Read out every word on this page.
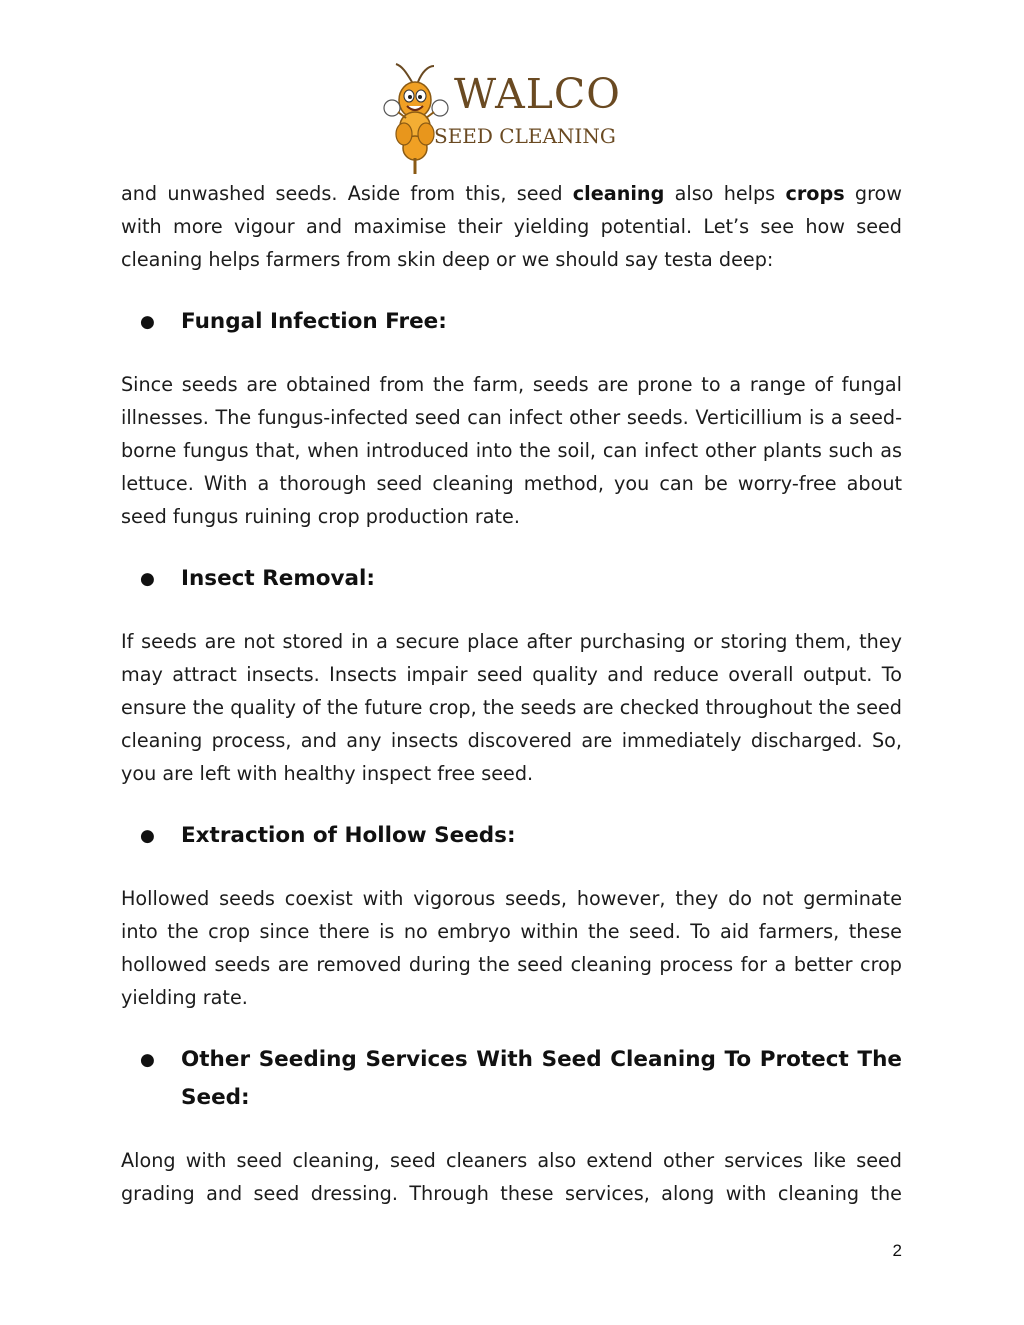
WALCO
SEED CLEANING

and unwashed seeds. Aside from this, seed cleaning also helps crops grow with more vigour and maximise their yielding potential. Let’s see how seed cleaning helps farmers from skin deep or we should say testa deep:

● Fungal Infection Free:

Since seeds are obtained from the farm, seeds are prone to a range of fungal illnesses. The fungus-infected seed can infect other seeds. Verticillium is a seed-borne fungus that, when introduced into the soil, can infect other plants such as lettuce. With a thorough seed cleaning method, you can be worry-free about seed fungus ruining crop production rate.

● Insect Removal:

If seeds are not stored in a secure place after purchasing or storing them, they may attract insects. Insects impair seed quality and reduce overall output. To ensure the quality of the future crop, the seeds are checked throughout the seed cleaning process, and any insects discovered are immediately discharged. So, you are left with healthy inspect free seed.

● Extraction of Hollow Seeds:

Hollowed seeds coexist with vigorous seeds, however, they do not germinate into the crop since there is no embryo within the seed. To aid farmers, these hollowed seeds are removed during the seed cleaning process for a better crop yielding rate.

● Other Seeding Services With Seed Cleaning To Protect The Seed:

Along with seed cleaning, seed cleaners also extend other services like seed grading and seed dressing. Through these services, along with cleaning the

2
